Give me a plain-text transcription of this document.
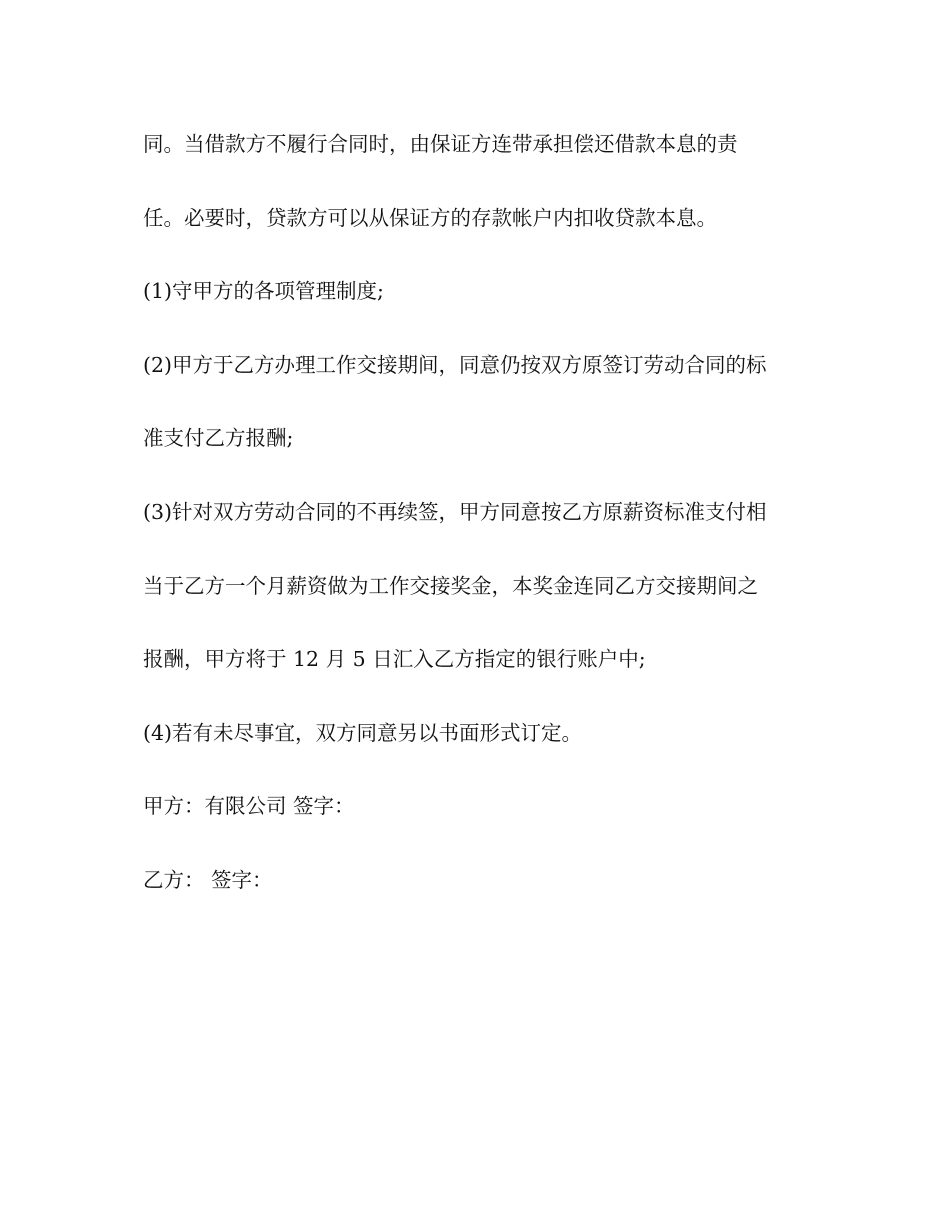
同。当借款方不履行合同时，由保证方连带承担偿还借款本息的责
任。必要时，贷款方可以从保证方的存款帐户内扣收贷款本息。
(1)守甲方的各项管理制度;
(2)甲方于乙方办理工作交接期间，同意仍按双方原签订劳动合同的标
准支付乙方报酬;
(3)针对双方劳动合同的不再续签，甲方同意按乙方原薪资标准支付相
当于乙方一个月薪资做为工作交接奖金，本奖金连同乙方交接期间之
报酬，甲方将于 12 月 5 日汇入乙方指定的银行账户中;
(4)若有未尽事宜，双方同意另以书面形式订定。
甲方：有限公司 签字：
乙方： 签字：
